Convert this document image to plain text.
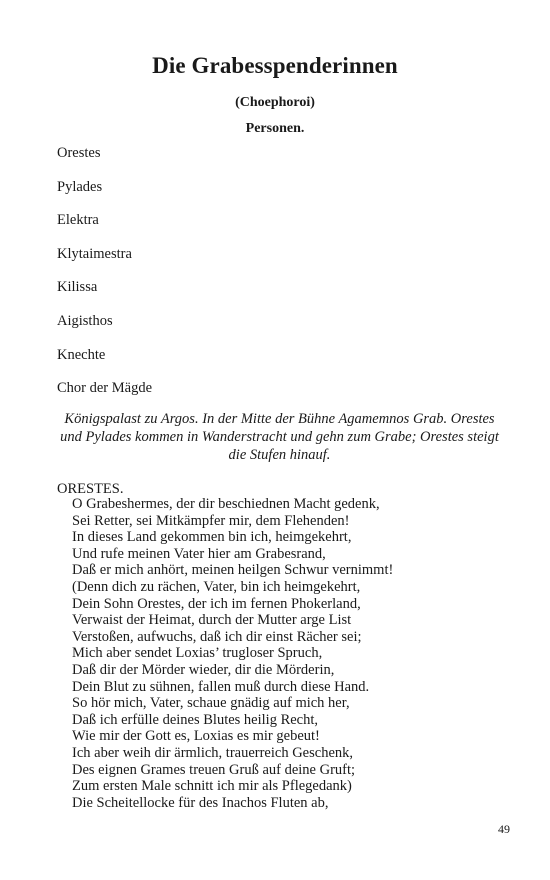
Die Grabesspenderinnen
(Choephoroi)
Personen.
Orestes
Pylades
Elektra
Klytaimestra
Kilissa
Aigisthos
Knechte
Chor der Mägde
Königspalast zu Argos. In der Mitte der Bühne Agamemnos Grab. Orestes und Pylades kommen in Wanderstracht und gehn zum Grabe; Orestes steigt die Stufen hinauf.
ORESTES.
O Grabeshermes, der dir beschiednen Macht gedenk,
Sei Retter, sei Mitkämpfer mir, dem Flehenden!
In dieses Land gekommen bin ich, heimgekehrt,
Und rufe meinen Vater hier am Grabesrand,
Daß er mich anhört, meinen heilgen Schwur vernimmt!
(Denn dich zu rächen, Vater, bin ich heimgekehrt,
Dein Sohn Orestes, der ich im fernen Phokerland,
Verwaist der Heimat, durch der Mutter arge List
Verstoßen, aufwuchs, daß ich dir einst Rächer sei;
Mich aber sendet Loxias’ trugloser Spruch,
Daß dir der Mörder wieder, dir die Mörderin,
Dein Blut zu sühnen, fallen muß durch diese Hand.
So hör mich, Vater, schaue gnädig auf mich her,
Daß ich erfülle deines Blutes heilig Recht,
Wie mir der Gott es, Loxias es mir gebeut!
Ich aber weih dir ärmlich, trauerreich Geschenk,
Des eignen Grames treuen Gruß auf deine Gruft;
Zum ersten Male schnitt ich mir als Pflegedank)
Die Scheitellocke für des Inachos Fluten ab,
49
